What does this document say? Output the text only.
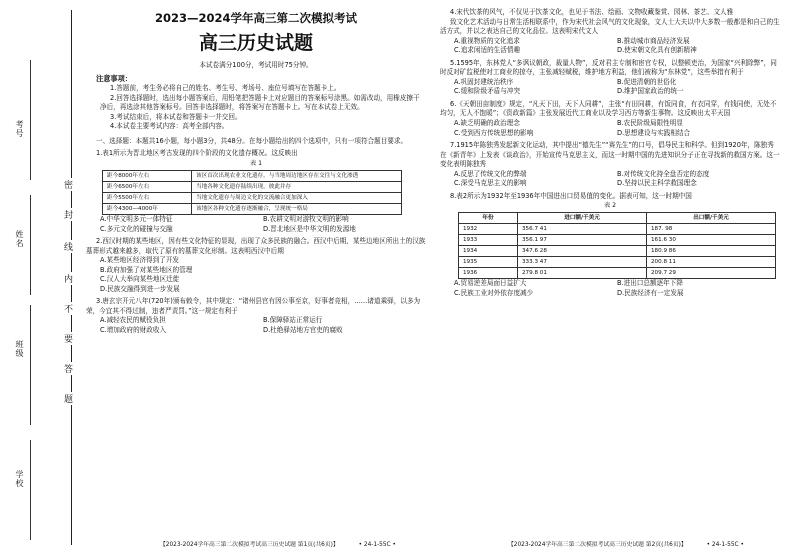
考号
姓名
班级
学校
密
封
线
内
不
要
答
题
2023—2024学年高三第二次模拟考试
高三历史试题
本试卷满分100分，考试用时75分钟。
注意事项：
1.答题前，考生务必将自己的姓名、考生号、考场号、座位号填写在答题卡上。
2.回答选择题时，选出每小题答案后，用铅笔把答题卡上对应题目的答案标号涂黑。如需改动，用橡皮擦干净后，再选涂其他答案标号。回答非选择题时，将答案写在答题卡上。写在本试卷上无效。
3.考试结束后，将本试卷和答题卡一并交回。
4.本试卷主要考试内容：高考全部内容。
一、选择题：本题共16小题，每小题3分，共48分。在每小题给出的四个选项中，只有一项符合题目要求。
1.表1所示为晋北地区考古发现的四个阶段的文化遗存概况。这反映出
表 1
距今8000年左右	该区首次出现农业文化遗存，与当地周边地区存在交往与文化渗透
距今6500年左右	当地各种文化遗存陆续出现，彼此并存
距今5500年左右	当地文化遗存与周边文化的交流融合更加深入
距今4300—4000年	该地区各种文化遗存逐渐融合，呈现统一格局
A.中华文明多元一体特征	B.农耕文明对游牧文明的影响
C.多元文化的碰撞与交融	D.晋北地区是中华文明的发源地
2.西汉时期的某些地区，因有些文化特征的显现，出现了众多民族的融合。西汉中后期，某些边地区所出土的汉族墓葬形式越来越多，取代了原有的墓葬文化形制。这表明西汉中后期
A.某些地区经济得到了开发
B.政府加强了对某些地区的管理
C.汉人大举向某些地区迁徙
D.民族交融得到进一步发展
3.唐玄宗开元八年(720年)颁布敕令，其中规定：“诸州县官有因公事至京，好事者竞相，……诸道乘驿，以多为荣，今宜其不得过制，违者严责罚。”这一规定有利于
A.减轻农民的赋役负担	B.保障驿站正常运行
C.增加政府的财政收入	D.杜绝驿站地方官吏的腐败
4.宋代饮茶的风气，不仅见于饮茶文化，也见于书法、绘画、文物收藏鉴赏、园林、茶艺、文人雅
致文化艺术活动与日常生活相联系中，作为宋代社会风气的文化现象，文人士大夫以中大多数一般都是和自己的生活方式，并以之表达自己的文化品位。这表明宋代文人
A.重视物质的文化追求	B.推动城市商品经济发展
C.追求闲适的生活情趣	D.使宋朝文化具有创新精神
5.1595年，东林党人“多讽议朝政，裁量人物”，反对君主专制和宦官专权，以整顿吏治，为国家“兴利除弊”，同时反对矿监税使对工商业的掠夺，主张减轻赋税，维护地方利益，他们被称为“东林党”，这些举措有利于
A.巩固封建统治秩序	B.促进清朝的世俗化
C.缓和阶级矛盾与冲突	D.维护国家政治的统一
6.《天朝田亩制度》规定，“凡天下田，天下人同耕”，主张“有田同耕，有饭同食，有衣同穿，有钱同使，无处不均匀，无人不饱暖”；《资政新篇》主张发展近代工商业以及学习西方等新生事物。这反映出太平天国
A.缺乏明确的政治理念	B.农民阶级局限性明显
C.受到西方传统思想的影响	D.思想建设与实践相结合
7.1915年陈独秀发起新文化运动，其中提出“德先生”“赛先生”的口号，倡导民主和科学。但到1920年，陈独秀在《新青年》上发表《谈政治》，开始宣传马克思主义，而这一时期中国的先进知识分子正在寻找新的救国方案。这一变化表明陈独秀
A.反思了传统文化的弊端	B.对传统文化持全盘否定的态度
C.深受马克思主义的影响	D.坚持以民主科学救国理念
8.表2所示为1932年至1936年中国进出口贸易值的变化。据表可知，这一时期中国
表 2
年份	进口额/千美元	出口额/千美元
1932	356.7 41	187. 98
1933	356.1 97	161.6 30
1934	347.6 28	180.9 86
1935	333.3 47	200.8 11
1936	279.8 01	209.7 29
A.贸易逆差局面日益扩大	B.进出口总额逐年下降
C.民族工业对外依存度减少	D.民族经济有一定发展
【2023-2024学年高三第二次模拟考试高三历史试题 第1页(共6页)】	• 24-1-55C •	【2023-2024学年高三第二次模拟考试高三历史试题 第2页(共6页)】	• 24-1-55C •
